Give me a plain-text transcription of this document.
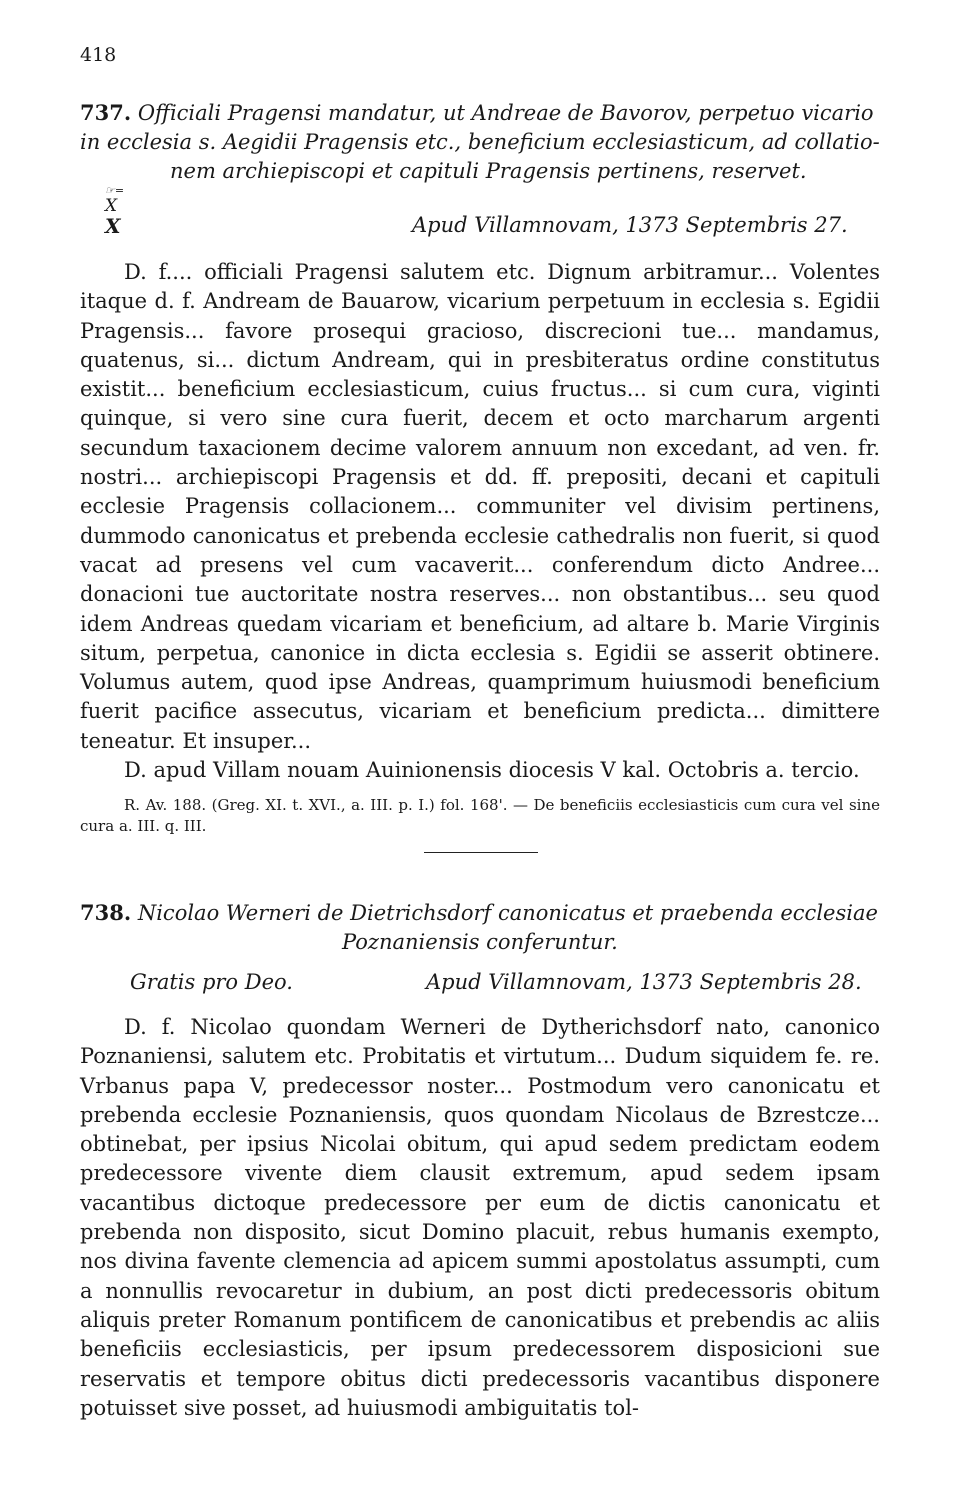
418
737. Officiali Pragensi mandatur, ut Andreae de Bavorov, perpetuo vicario
in ecclesia s. Aegidii Pragensis etc., beneficium ecclesiasticum, ad collatio-
nem archiepiscopi et capituli Pragensis pertinens, reservet.
☞=
X
X	Apud Villamnovam, 1373 Septembris 27.

D. f.... officiali Pragensi salutem etc. Dignum arbitramur... Volentes itaque d. f. Andream de Bauarow, vicarium perpetuum in ecclesia s. Egidii Pragensis... favore prosequi gracioso, discrecioni tue... mandamus, quatenus, si... dictum Andream, qui in presbiteratus ordine constitutus existit... beneficium ecclesiasticum, cuius fructus... si cum cura, viginti quinque, si vero sine cura fuerit, decem et octo marcharum argenti secundum taxacionem decime valorem annuum non excedant, ad ven. fr. nostri... archiepiscopi Pragensis et dd. ff. prepositi, decani et capituli ecclesie Pragensis collacionem... communiter vel divisim pertinens, dummodo canonicatus et prebenda ecclesie cathedralis non fuerit, si quod vacat ad presens vel cum vacaverit... conferendum dicto Andree... donacioni tue auctoritate nostra reserves... non obstantibus... seu quod idem Andreas quedam vicariam et beneficium, ad altare b. Marie Virginis situm, perpetua, canonice in dicta ecclesia s. Egidii se asserit obtinere. Volumus autem, quod ipse Andreas, quamprimum huiusmodi beneficium fuerit pacifice assecutus, vicariam et beneficium predicta... dimittere teneatur. Et insuper...

D. apud Villam nouam Auinionensis diocesis V kal. Octobris a. tercio.

R. Av. 188. (Greg. XI. t. XVI., a. III. p. I.) fol. 168'. — De beneficiis ecclesiasticis cum cura vel sine cura a. III. q. III.
738. Nicolao Werneri de Dietrichsdorf canonicatus et praebenda ecclesiae
Poznaniensis conferuntur.
Gratis pro Deo.	Apud Villamnovam, 1373 Septembris 28.

D. f. Nicolao quondam Werneri de Dytherichsdorf nato, canonico Poznaniensi, salutem etc. Probitatis et virtutum... Dudum siquidem fe. re. Vrbanus papa V, predecessor noster... Postmodum vero canonicatu et prebenda ecclesie Poznaniensis, quos quondam Nicolaus de Bzrestcze... obtinebat, per ipsius Nicolai obitum, qui apud sedem predictam eodem predecessore vivente diem clausit extremum, apud sedem ipsam vacantibus dictoque predecessore per eum de dictis canonicatu et prebenda non disposito, sicut Domino placuit, rebus humanis exempto, nos divina favente clemencia ad apicem summi apostolatus assumpti, cum a nonnullis revocaretur in dubium, an post dicti predecessoris obitum aliquis preter Romanum pontificem de canonicatibus et prebendis ac aliis beneficiis ecclesiasticis, per ipsum predecessorem disposicioni sue reservatis et tempore obitus dicti predecessoris vacantibus disponere potuisset sive posset, ad huiusmodi ambiguitatis tol-
